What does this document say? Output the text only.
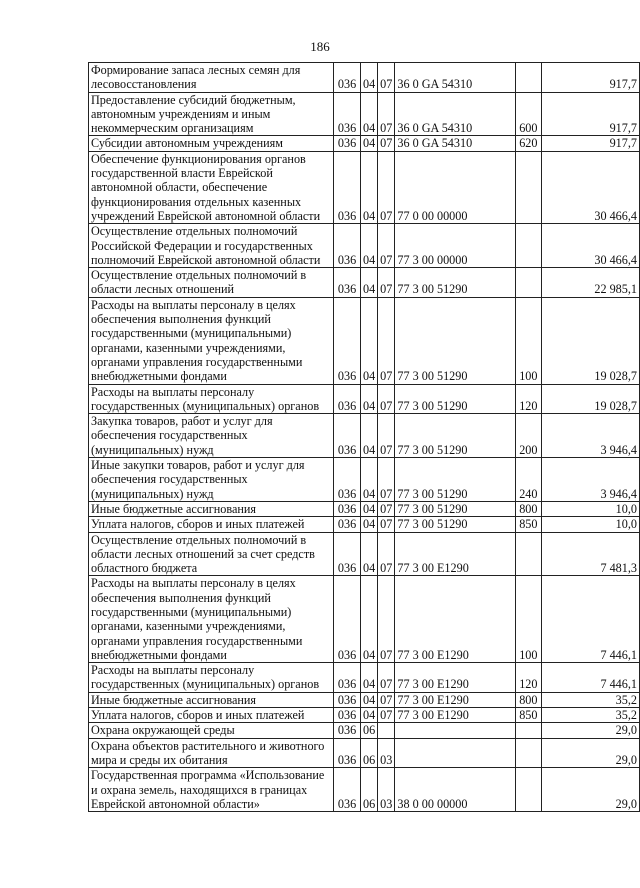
186
Формирование запаса лесных семян для лесовосстановления	036	04	07	36 0 GA 54310		917,7
Предоставление субсидий бюджетным, автономным учреждениям и иным некоммерческим организациям	036	04	07	36 0 GA 54310	600	917,7
Субсидии автономным учреждениям	036	04	07	36 0 GA 54310	620	917,7
Обеспечение функционирования органов государственной власти Еврейской автономной области, обеспечение функционирования отдельных казенных учреждений Еврейской автономной области	036	04	07	77 0 00 00000		30 466,4
Осуществление отдельных полномочий Российской Федерации и государственных полномочий Еврейской автономной области	036	04	07	77 3 00 00000		30 466,4
Осуществление отдельных полномочий в области лесных отношений	036	04	07	77 3 00 51290		22 985,1
Расходы на выплаты персоналу в целях обеспечения выполнения функций государственными (муниципальными) органами, казенными учреждениями, органами управления государственными внебюджетными фондами	036	04	07	77 3 00 51290	100	19 028,7
Расходы на выплаты персоналу государственных (муниципальных) органов	036	04	07	77 3 00 51290	120	19 028,7
Закупка товаров, работ и услуг для обеспечения государственных (муниципальных) нужд	036	04	07	77 3 00 51290	200	3 946,4
Иные закупки товаров, работ и услуг для обеспечения государственных (муниципальных) нужд	036	04	07	77 3 00 51290	240	3 946,4
Иные бюджетные ассигнования	036	04	07	77 3 00 51290	800	10,0
Уплата налогов, сборов и иных платежей	036	04	07	77 3 00 51290	850	10,0
Осуществление отдельных полномочий в области лесных отношений за счет средств областного бюджета	036	04	07	77 3 00 E1290		7 481,3
Расходы на выплаты персоналу в целях обеспечения выполнения функций государственными (муниципальными) органами, казенными учреждениями, органами управления государственными внебюджетными фондами	036	04	07	77 3 00 E1290	100	7 446,1
Расходы на выплаты персоналу государственных (муниципальных) органов	036	04	07	77 3 00 E1290	120	7 446,1
Иные бюджетные ассигнования	036	04	07	77 3 00 E1290	800	35,2
Уплата налогов, сборов и иных платежей	036	04	07	77 3 00 E1290	850	35,2
Охрана окружающей среды	036	06				29,0
Охрана объектов растительного и животного мира и среды их обитания	036	06	03			29,0
Государственная программа «Использование и охрана земель, находящихся в границах Еврейской автономной области»	036	06	03	38 0 00 00000		29,0
